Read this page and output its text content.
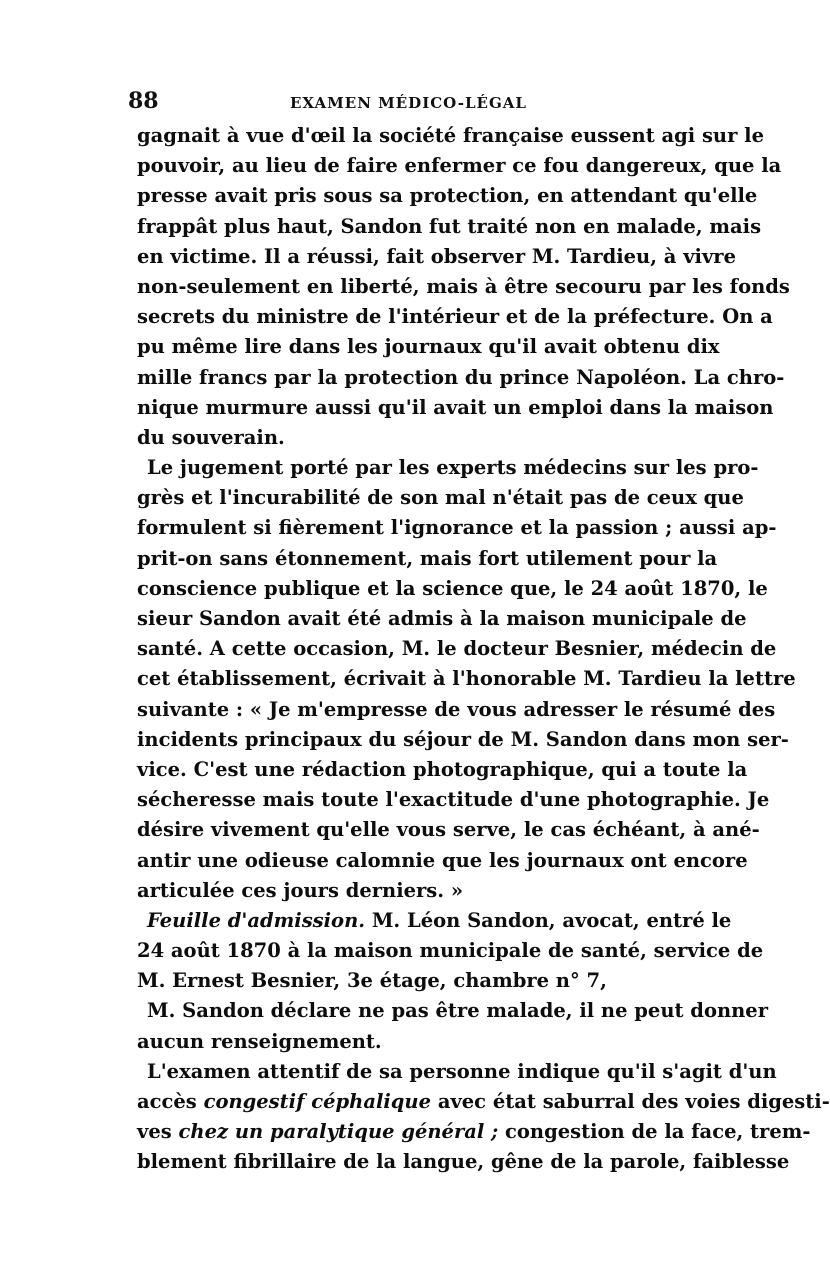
88	EXAMEN MÉDICO-LÉGAL
gagnait à vue d'œil la société française eussent agi sur le
pouvoir, au lieu de faire enfermer ce fou dangereux, que la
presse avait pris sous sa protection, en attendant qu'elle
frappât plus haut, Sandon fut traité non en malade, mais
en victime. Il a réussi, fait observer M. Tardieu, à vivre
non-seulement en liberté, mais à être secouru par les fonds
secrets du ministre de l'intérieur et de la préfecture. On a
pu même lire dans les journaux qu'il avait obtenu dix
mille francs par la protection du prince Napoléon. La chro-
nique murmure aussi qu'il avait un emploi dans la maison
du souverain.
Le jugement porté par les experts médecins sur les pro-
grès et l'incurabilité de son mal n'était pas de ceux que
formulent si fièrement l'ignorance et la passion ; aussi ap-
prit-on sans étonnement, mais fort utilement pour la
conscience publique et la science que, le 24 août 1870, le
sieur Sandon avait été admis à la maison municipale de
santé. A cette occasion, M. le docteur Besnier, médecin de
cet établissement, écrivait à l'honorable M. Tardieu la lettre
suivante : « Je m'empresse de vous adresser le résumé des
incidents principaux du séjour de M. Sandon dans mon ser-
vice. C'est une rédaction photographique, qui a toute la
sécheresse mais toute l'exactitude d'une photographie. Je
désire vivement qu'elle vous serve, le cas échéant, à ané-
antir une odieuse calomnie que les journaux ont encore
articulée ces jours derniers. »
Feuille d'admission. M. Léon Sandon, avocat, entré le
24 août 1870 à la maison municipale de santé, service de
M. Ernest Besnier, 3e étage, chambre n° 7,
M. Sandon déclare ne pas être malade, il ne peut donner
aucun renseignement.
L'examen attentif de sa personne indique qu'il s'agit d'un
accès congestif céphalique avec état saburral des voies digesti-
ves chez un paralytique général ; congestion de la face, trem-
blement fibrillaire de la langue, gêne de la parole, faiblesse
